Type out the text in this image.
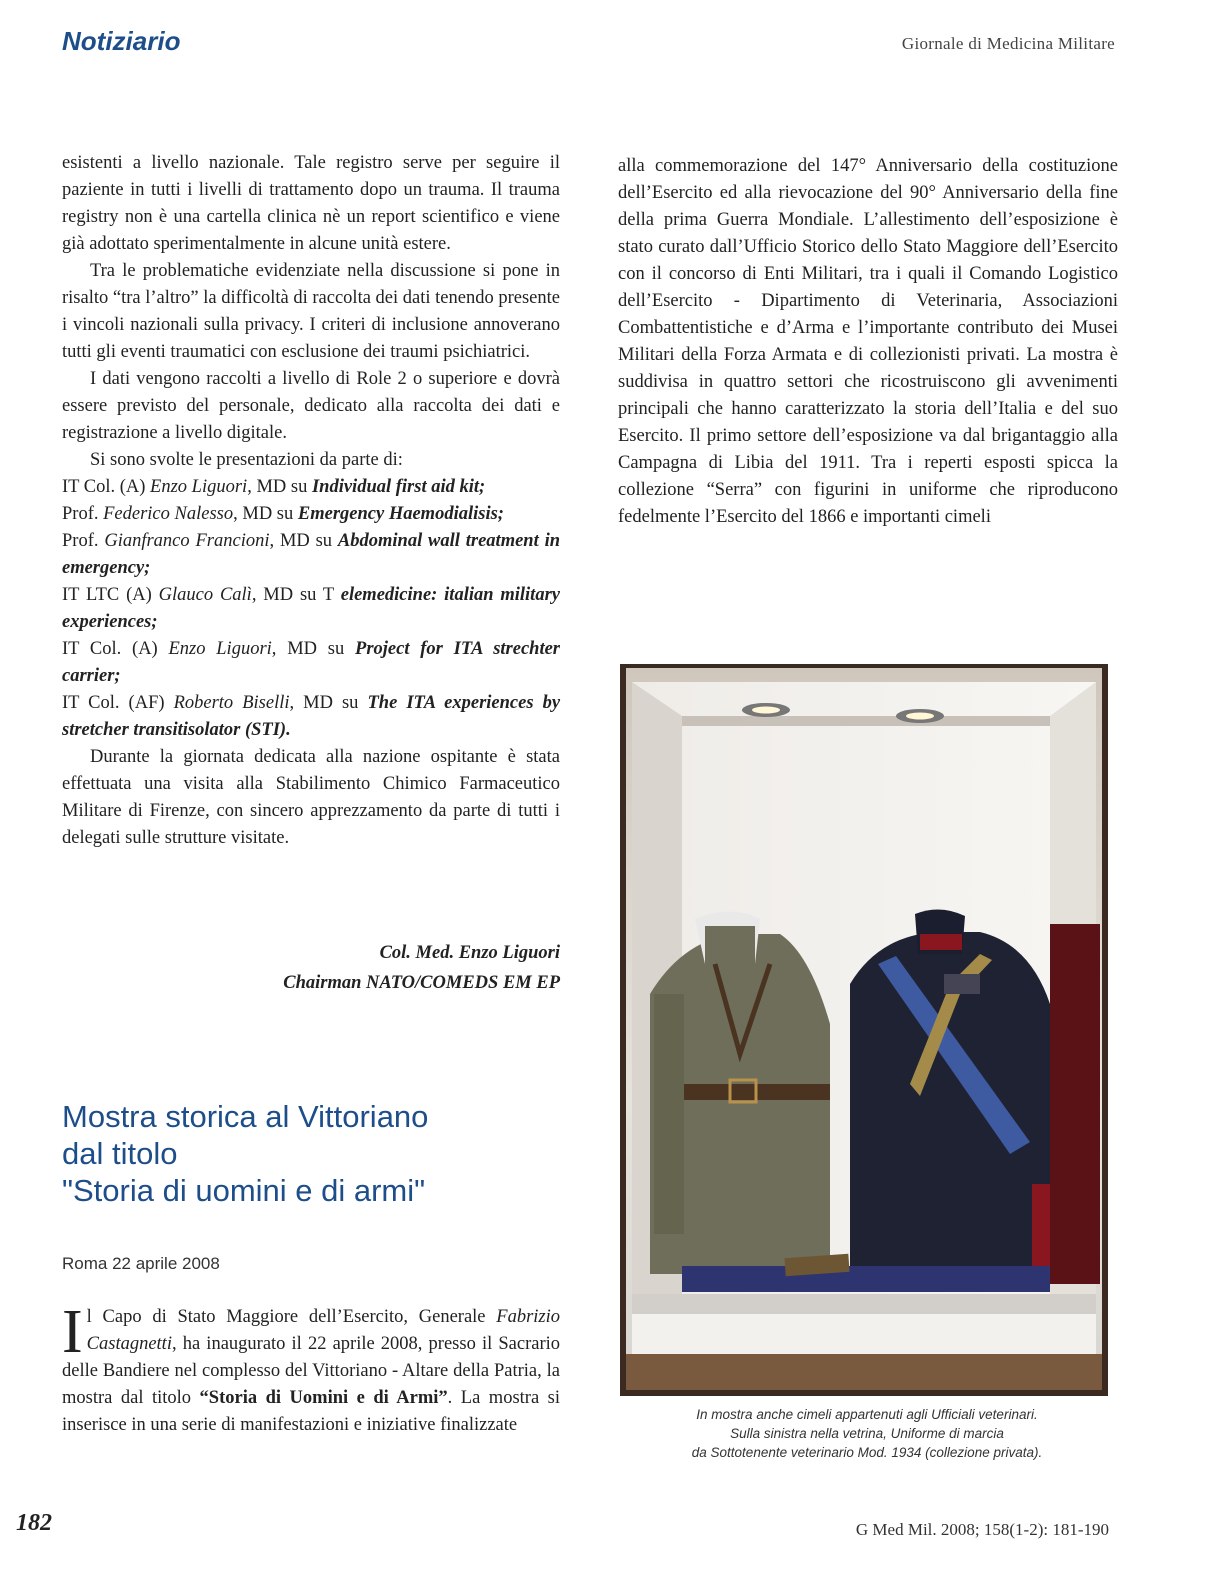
Notiziario	Giornale di Medicina Militare

esistenti a livello nazionale. Tale registro serve per seguire il paziente in tutti i livelli di trattamento dopo un trauma. Il trauma registry non è una cartella clinica nè un report scientifico e viene già adottato sperimentalmente in alcune unità estere.

Tra le problematiche evidenziate nella discussione si pone in risalto “tra l’altro” la difficoltà di raccolta dei dati tenendo presente i vincoli nazionali sulla privacy. I criteri di inclusione annoverano tutti gli eventi traumatici con esclusione dei traumi psichiatrici.

I dati vengono raccolti a livello di Role 2 o superiore e dovrà essere previsto del personale, dedicato alla raccolta dei dati e registrazione a livello digitale.

Si sono svolte le presentazioni da parte di:

IT Col. (A) Enzo Liguori, MD su Individual first aid kit;

Prof. Federico Nalesso, MD su Emergency Haemodialisis;

Prof. Gianfranco Francioni, MD su Abdominal wall treatment in emergency;

IT LTC (A) Glauco Calì, MD su T elemedicine: italian military experiences;

IT Col. (A) Enzo Liguori, MD su Project for ITA strechter carrier;

IT Col. (AF) Roberto Biselli, MD su The ITA experiences by stretcher transitisolator (STI).

Durante la giornata dedicata alla nazione ospitante è stata effettuata una visita alla Stabilimento Chimico Farmaceutico Militare di Firenze, con sincero apprezzamento da parte di tutti i delegati sulle strutture visitate.

Col. Med. Enzo Liguori
Chairman NATO/COMEDS EM EP

alla commemorazione del 147° Anniversario della costituzione dell’Esercito ed alla rievocazione del 90° Anniversario della fine della prima Guerra Mondiale. L’allestimento dell’esposizione è stato curato dall’Ufficio Storico dello Stato Maggiore dell’Esercito con il concorso di Enti Militari, tra i quali il Comando Logistico dell’Esercito - Dipartimento di Veterinaria, Associazioni Combattentistiche e d’Arma e l’importante contributo dei Musei Militari della Forza Armata e di collezionisti privati. La mostra è suddivisa in quattro settori che ricostruiscono gli avvenimenti principali che hanno caratterizzato la storia dell’Italia e del suo Esercito. Il primo settore dell’esposizione va dal brigantaggio alla Campagna di Libia del 1911. Tra i reperti esposti spicca la collezione “Serra” con figurini in uniforme che riproducono fedelmente l’Esercito del 1866 e importanti cimeli

In mostra anche cimeli appartenuti agli Ufficiali veterinari.
Sulla sinistra nella vetrina, Uniforme di marcia
da Sottotenente veterinario Mod. 1934 (collezione privata).
Mostra storica al Vittoriano
dal titolo
"Storia di uomini e di armi"
Roma 22 aprile 2008
Il Capo di Stato Maggiore dell’Esercito, Generale Fabrizio Castagnetti, ha inaugurato il 22 aprile 2008, presso il Sacrario delle Bandiere nel complesso del Vittoriano - Altare della Patria, la mostra dal titolo “Storia di Uomini e di Armi”. La mostra si inserisce in una serie di manifestazioni e iniziative finalizzate
182	G Med Mil. 2008; 158(1-2): 181-190
